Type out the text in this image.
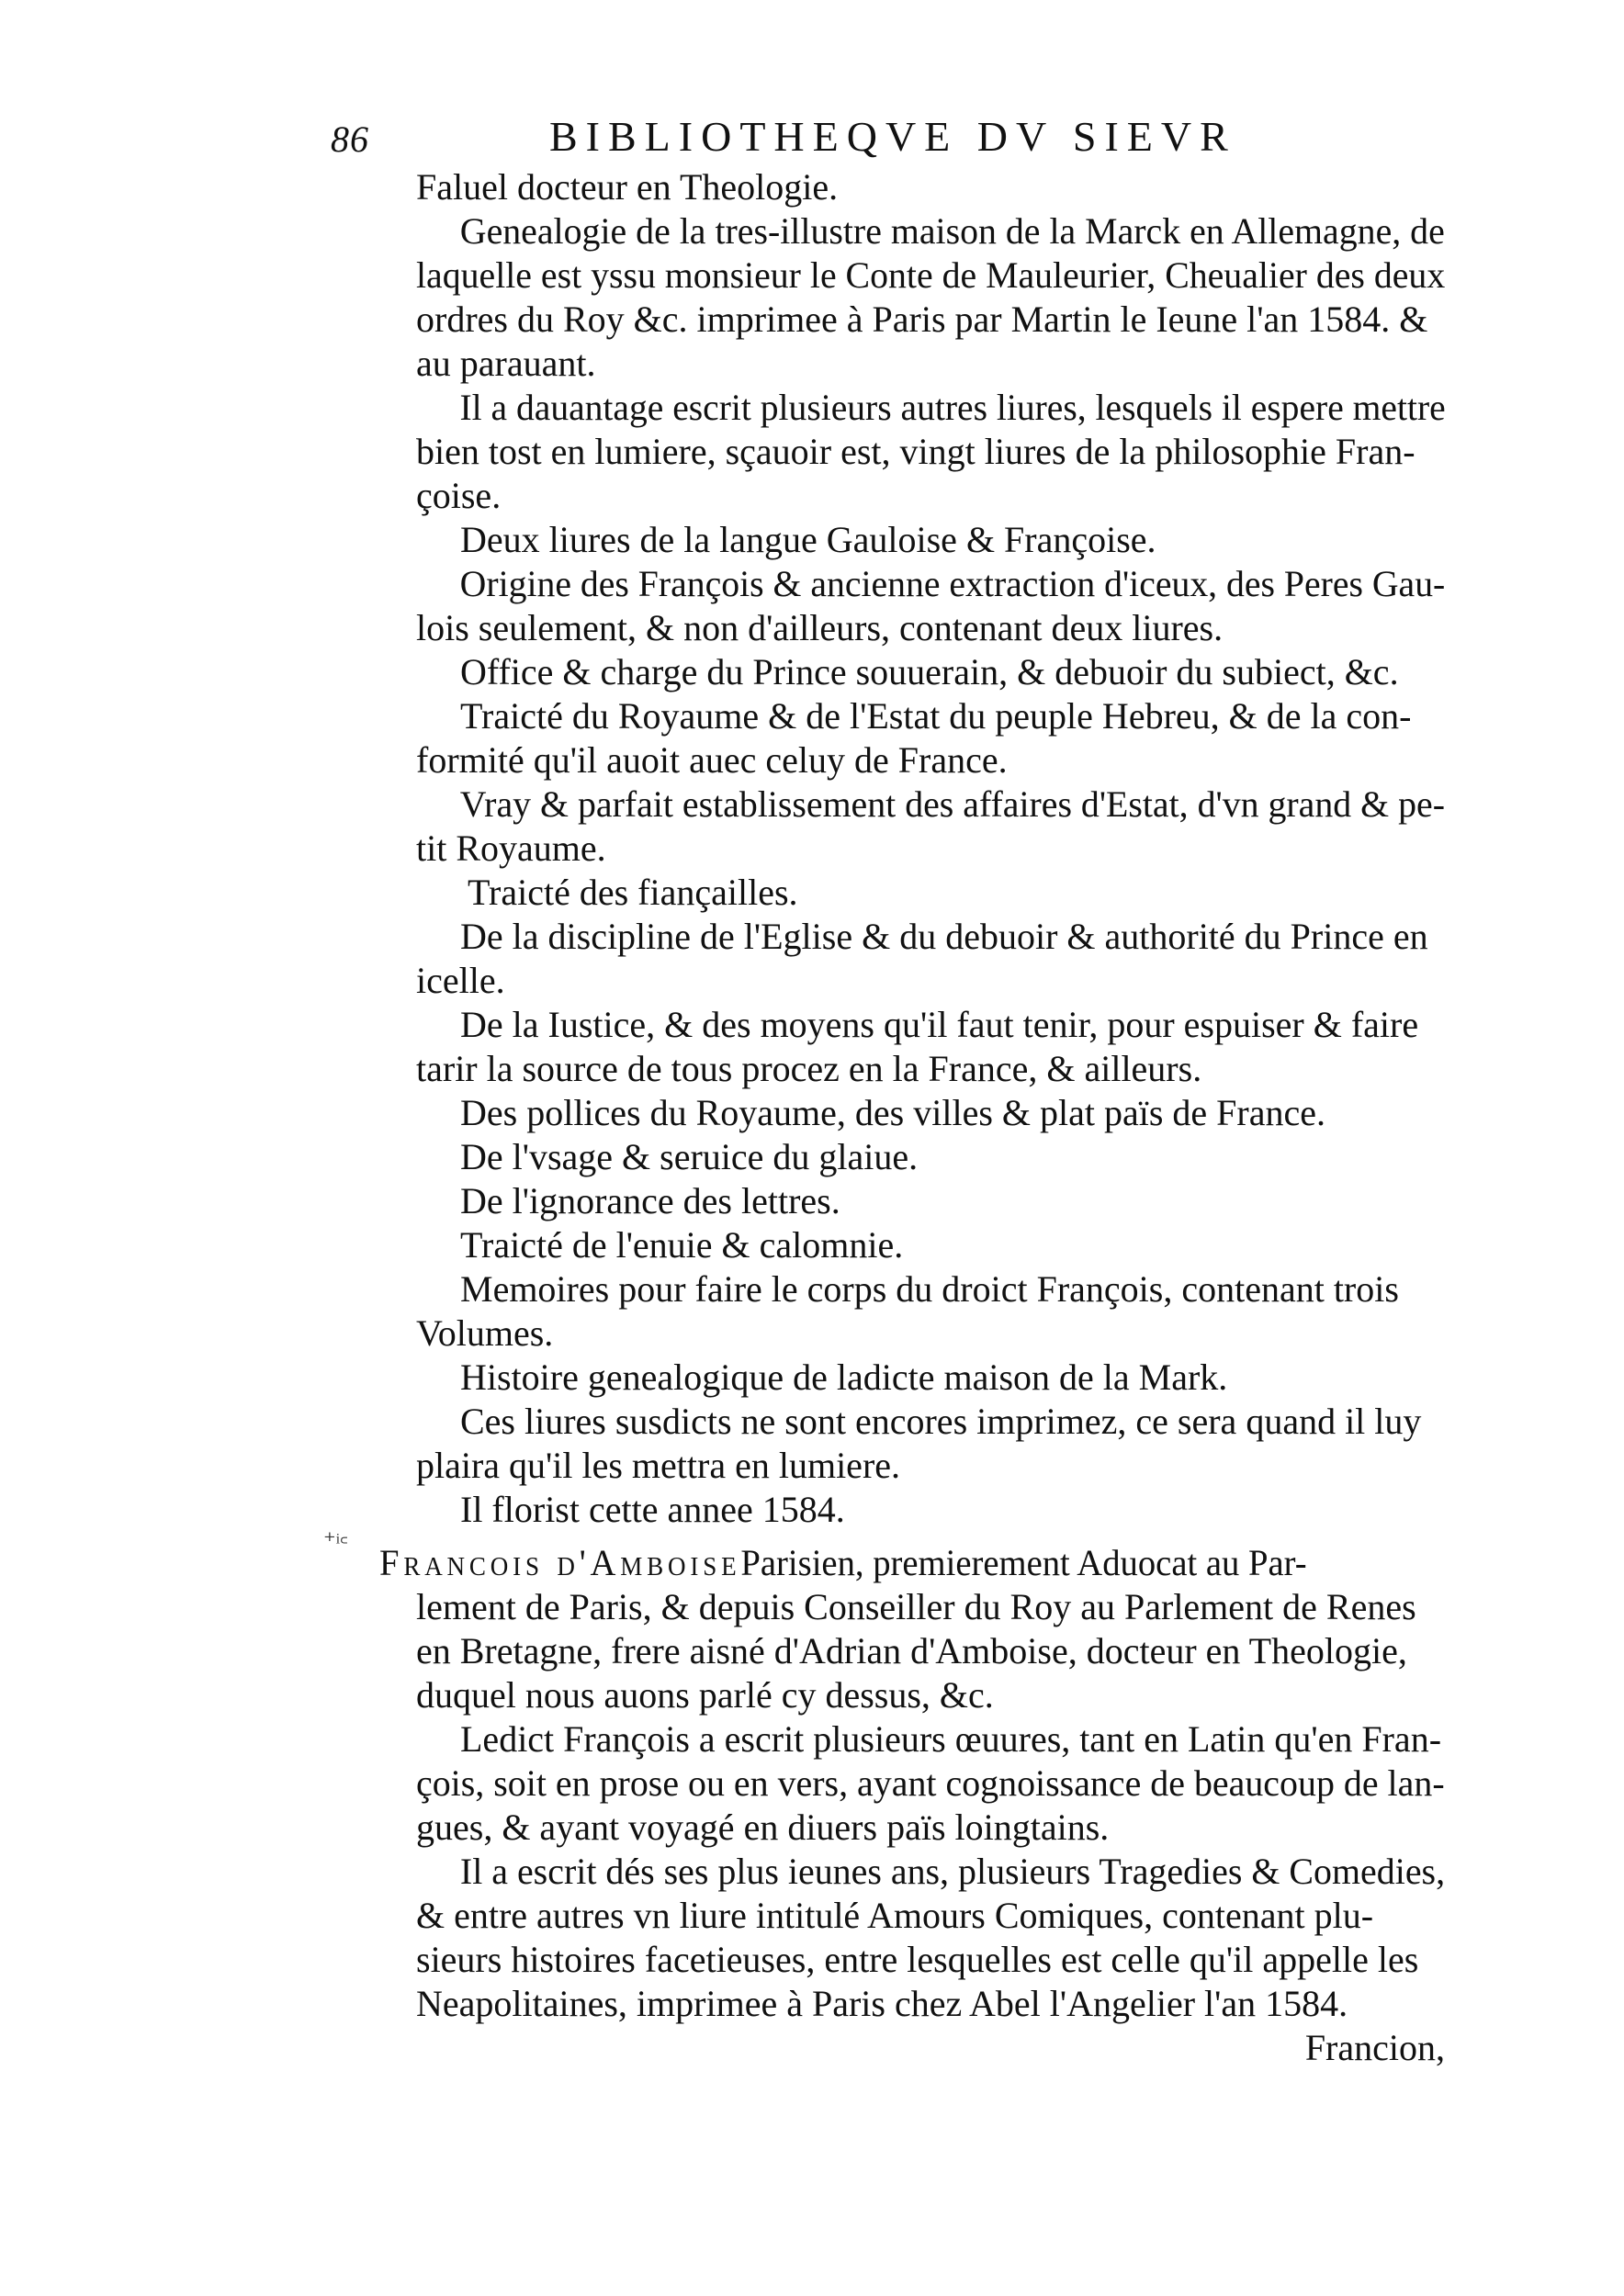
86	BIBLIOTHEQVE DV SIEVR
Faluel docteur en Theologie.
Genealogie de la tres-illustre maison de la Marck en Allemagne, de
laquelle est yssu monsieur le Conte de Mauleurier, Cheualier des deux
ordres du Roy &c. imprimee à Paris par Martin le Ieune l'an 1584. &
au parauant.
Il a dauantage escrit plusieurs autres liures, lesquels il espere mettre
bien tost en lumiere, sçauoir est, vingt liures de la philosophie Fran-
çoise.
Deux liures de la langue Gauloise & Françoise.
Origine des François & ancienne extraction d'iceux, des Peres Gau-
lois seulement, & non d'ailleurs, contenant deux liures.
Office & charge du Prince souuerain, & debuoir du subiect, &c.
Traicté du Royaume & de l'Estat du peuple Hebreu, & de la con-
formité qu'il auoit auec celuy de France.
Vray & parfait establissement des affaires d'Estat, d'vn grand & pe-
tit Royaume.
Traicté des fiançailles.
De la discipline de l'Eglise & du debuoir & authorité du Prince en
icelle.
De la Iustice, & des moyens qu'il faut tenir, pour espuiser & faire
tarir la source de tous procez en la France, & ailleurs.
Des pollices du Royaume, des villes & plat païs de France.
De l'vsage & seruice du glaiue.
De l'ignorance des lettres.
Traicté de l'enuie & calomnie.
Memoires pour faire le corps du droict François, contenant trois
Volumes.
Histoire genealogique de ladicte maison de la Mark.
Ces liures susdicts ne sont encores imprimez, ce sera quand il luy
plaira qu'il les mettra en lumiere.
Il florist cette annee 1584.
Francois d'AmboiseParisien, premierement Aduocat au Par-
lement de Paris, & depuis Conseiller du Roy au Parlement de Renes
en Bretagne, frere aisné d'Adrian d'Amboise, docteur en Theologie,
duquel nous auons parlé cy dessus, &c.
Ledict François a escrit plusieurs œuures, tant en Latin qu'en Fran-
çois, soit en prose ou en vers, ayant cognoissance de beaucoup de lan-
gues, & ayant voyagé en diuers païs loingtains.
Il a escrit dés ses plus ieunes ans, plusieurs Tragedies & Comedies,
& entre autres vn liure intitulé Amours Comiques, contenant plu-
sieurs histoires facetieuses, entre lesquelles est celle qu'il appelle les
Neapolitaines, imprimee à Paris chez Abel l'Angelier l'an 1584.
Francion,
₊ᵢ꜀
